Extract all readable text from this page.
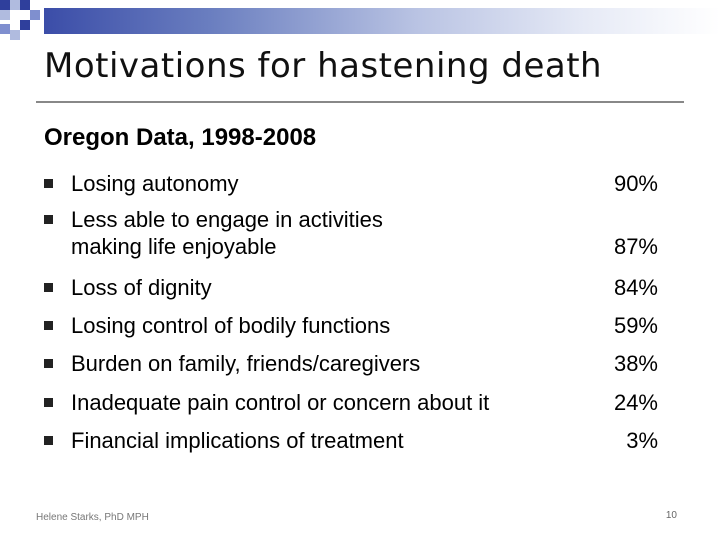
Motivations for hastening death
Oregon Data, 1998-2008
Losing autonomy	90%
Less able to engage in activities
making life enjoyable	87%
Loss of dignity	84%
Losing control of bodily functions	59%
Burden on family, friends/caregivers	38%
Inadequate pain control or concern about it	24%
Financial implications of treatment	3%
Helene Starks, PhD MPH	10
